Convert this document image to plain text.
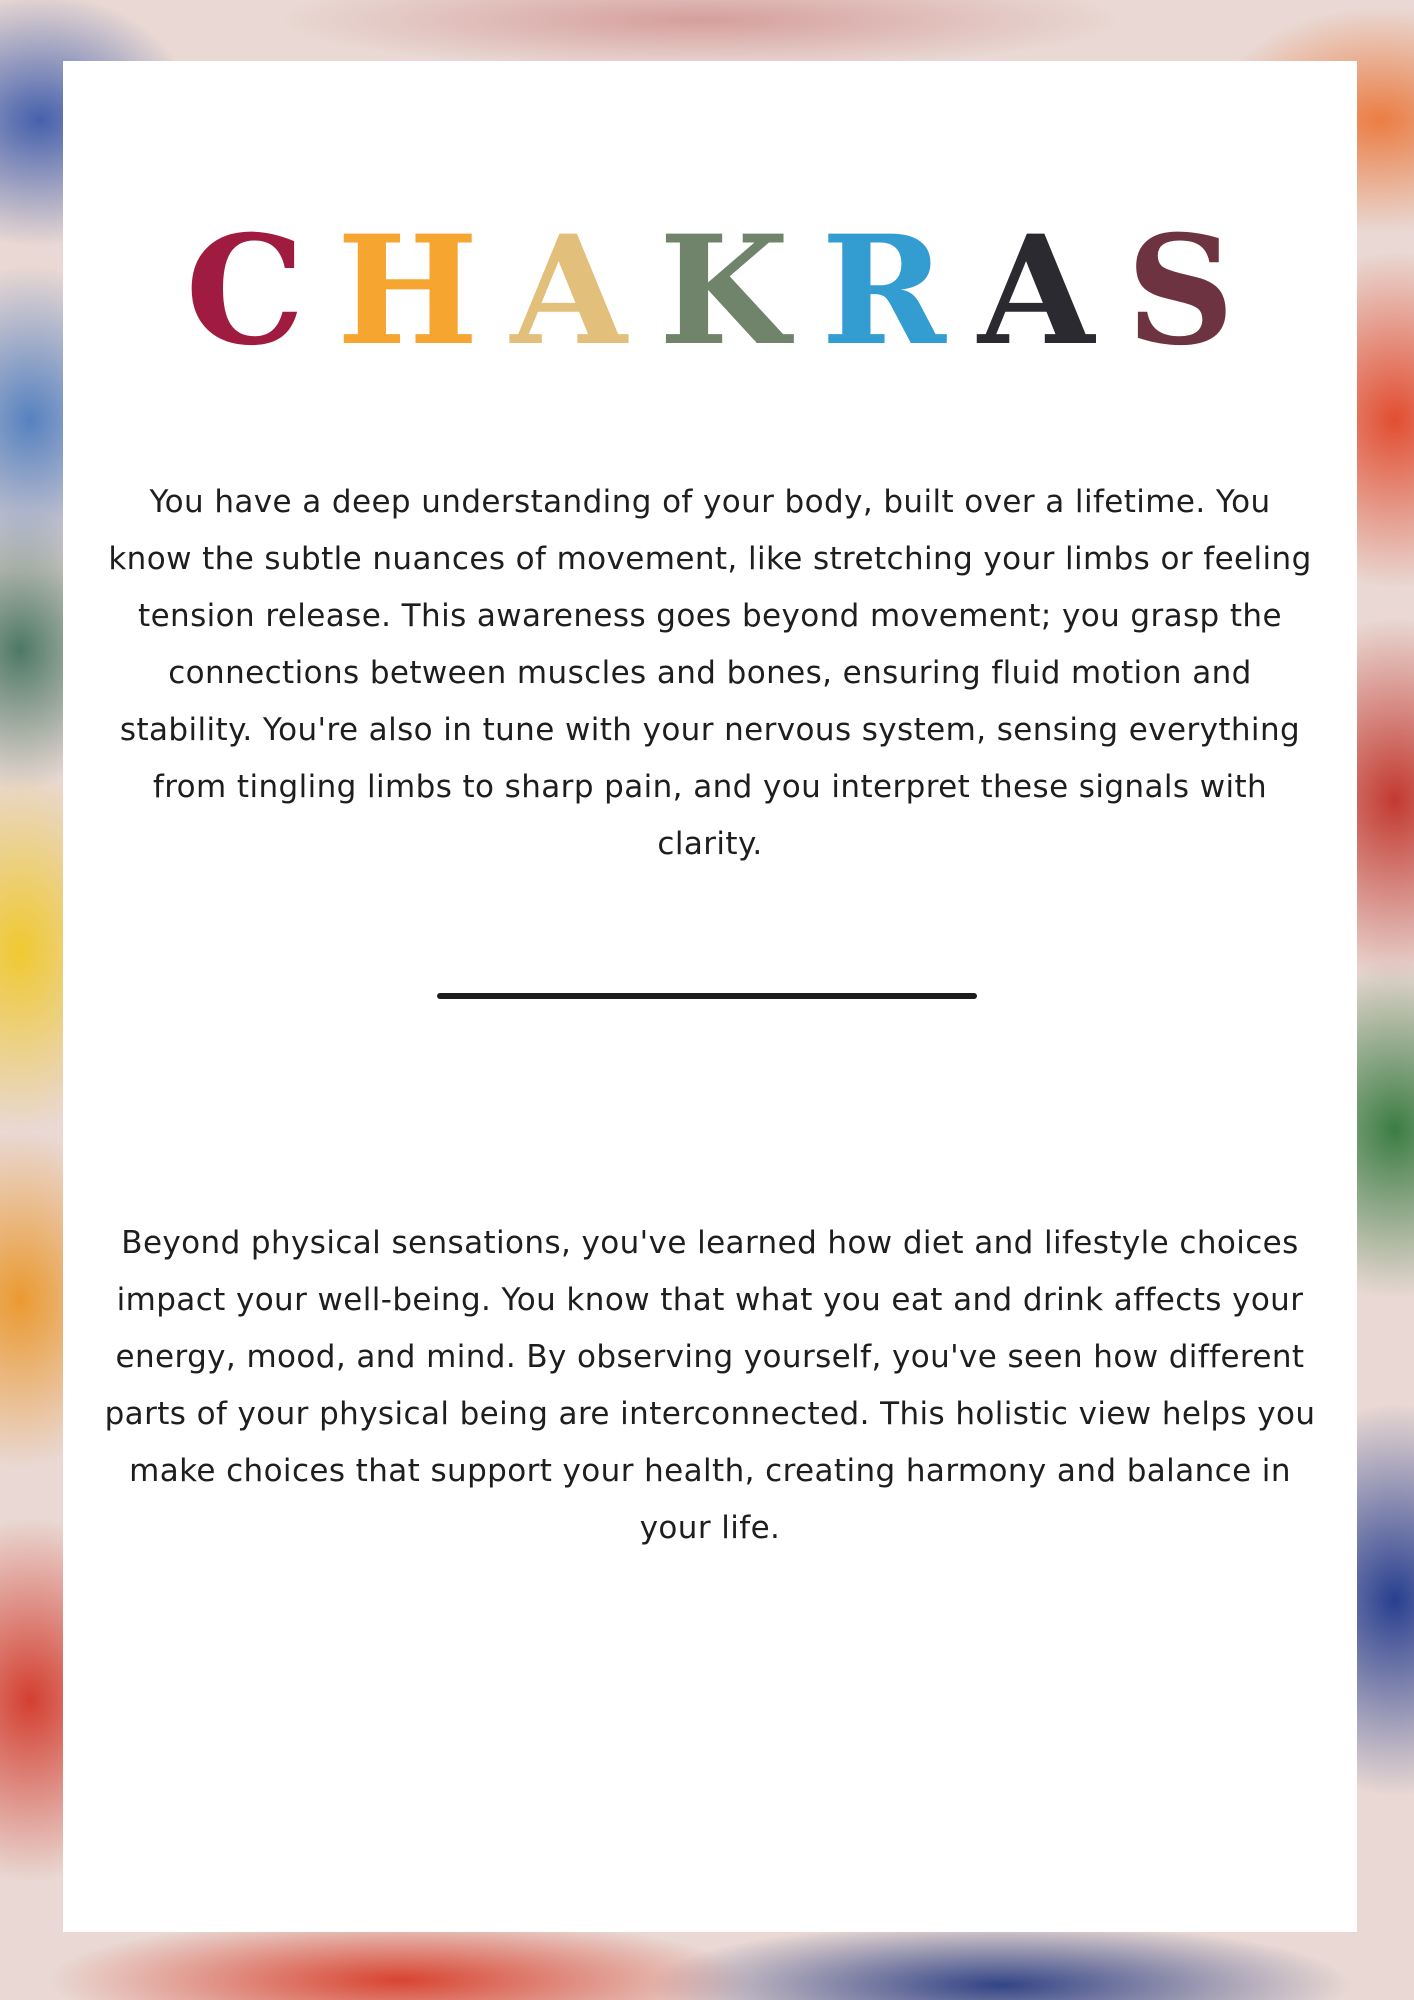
C H A K R A S

You have a deep understanding of your body, built over a lifetime. You know the subtle nuances of movement, like stretching your limbs or feeling tension release. This awareness goes beyond movement; you grasp the connections between muscles and bones, ensuring fluid motion and stability. You're also in tune with your nervous system, sensing everything from tingling limbs to sharp pain, and you interpret these signals with clarity.

Beyond physical sensations, you've learned how diet and lifestyle choices impact your well-being. You know that what you eat and drink affects your energy, mood, and mind. By observing yourself, you've seen how different parts of your physical being are interconnected. This holistic view helps you make choices that support your health, creating harmony and balance in your life.
